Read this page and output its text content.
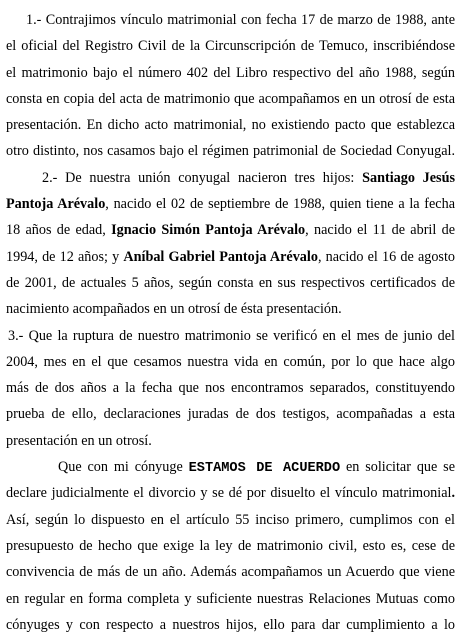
1.- Contrajimos vínculo matrimonial con fecha 17 de marzo de 1988, ante
el oficial del Registro Civil de la Circunscripción de Temuco, inscribiéndose
el matrimonio bajo el número 402 del Libro respectivo del año 1988, según
consta en copia del acta de matrimonio que acompañamos en un otrosí de esta
presentación. En dicho acto matrimonial, no existiendo pacto que establezca
otro distinto, nos casamos bajo el régimen patrimonial de Sociedad Conyugal.
2.- De nuestra unión conyugal nacieron tres hijos: Santiago Jesús
Pantoja Arévalo, nacido el 02 de septiembre de 1988, quien tiene a la fecha
18 años de edad, Ignacio Simón Pantoja Arévalo, nacido el 11 de abril de
1994, de 12 años; y Aníbal Gabriel Pantoja Arévalo, nacido el 16 de agosto
de 2001, de actuales 5 años, según consta en sus respectivos certificados de
nacimiento acompañados en un otrosí de ésta presentación.
3.- Que la ruptura de nuestro matrimonio se verificó en el mes de junio del
2004, mes en el que cesamos nuestra vida en común, por lo que hace algo
más de dos años a la fecha que nos encontramos separados, constituyendo
prueba de ello, declaraciones juradas de dos testigos, acompañadas a esta
presentación en un otrosí.
Que con mi cónyuge ESTAMOS DE ACUERDO en solicitar que se
declare judicialmente el divorcio y se dé por disuelto el vínculo matrimonial.
Así, según lo dispuesto en el artículo 55 inciso primero, cumplimos con el
presupuesto de hecho que exige la ley de matrimonio civil, esto es, cese de
convivencia de más de un año. Además acompañamos un Acuerdo que viene
en regular en forma completa y suficiente nuestras Relaciones Mutuas como
cónyuges y con respecto a nuestros hijos, ello para dar cumplimiento a lo
